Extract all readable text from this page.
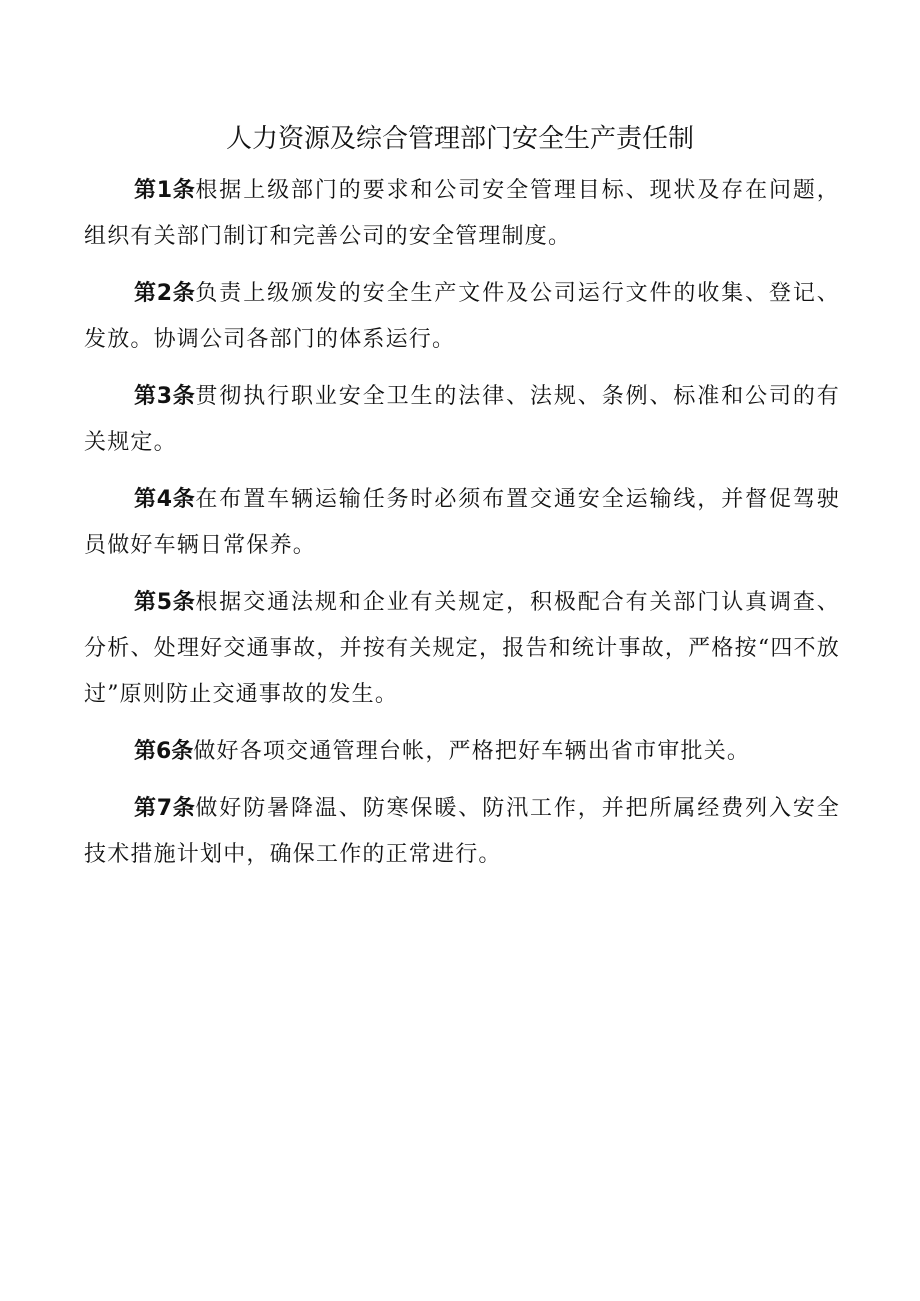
人力资源及综合管理部门安全生产责任制

第1条根据上级部门的要求和公司安全管理目标、现状及存在问题，组织有关部门制订和完善公司的安全管理制度。

第2条负责上级颁发的安全生产文件及公司运行文件的收集、登记、发放。协调公司各部门的体系运行。

第3条贯彻执行职业安全卫生的法律、法规、条例、标准和公司的有关规定。

第4条在布置车辆运输任务时必须布置交通安全运输线，并督促驾驶员做好车辆日常保养。

第5条根据交通法规和企业有关规定，积极配合有关部门认真调查、分析、处理好交通事故，并按有关规定，报告和统计事故，严格按“四不放过”原则防止交通事故的发生。

第6条做好各项交通管理台帐，严格把好车辆出省市审批关。

第7条做好防暑降温、防寒保暖、防汛工作，并把所属经费列入安全技术措施计划中，确保工作的正常进行。
